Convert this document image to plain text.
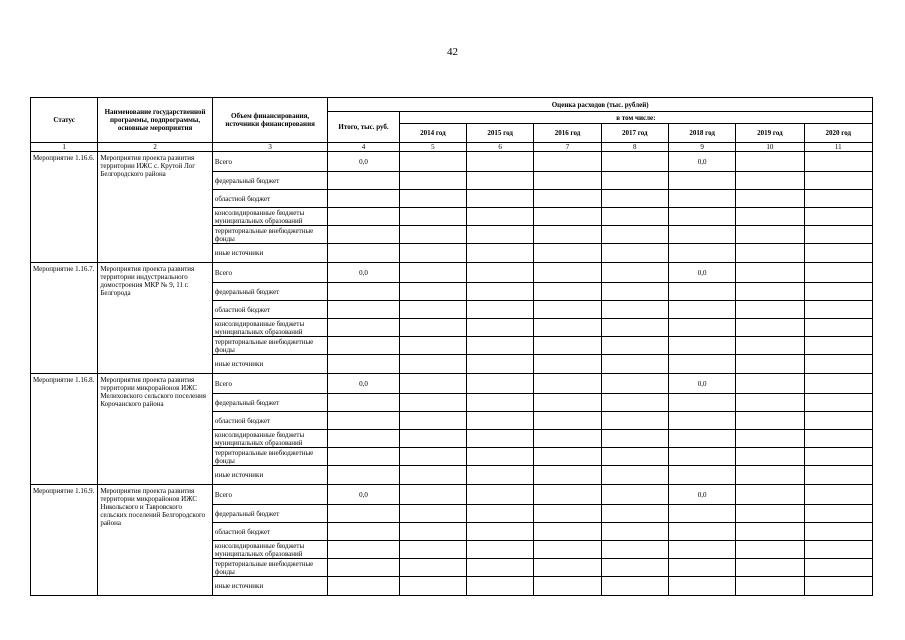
42
Статус	Наименование государственной программы, подпрограммы, основные мероприятия	Объем финансирования, источники финансирования	Оценка расходов (тыс. рублей)							
			Итого, тыс. руб.	в том числе:						
				2014 год	2015 год	2016 год	2017 год	2018 год	2019 год	2020 год
1	2	3	4	5	6	7	8	9	10	11
Мероприятие 1.16.6.	Мероприятия проекта развития территории ИЖС с. Крутой Лог Белгородского района	Всего	0,0					0,0		
		федеральный бюджет								
		областной бюджет								
		консолидированные бюджеты муниципальных образований								
		территориальные внебюджетные фонды								
		иные источники								
Мероприятие 1.16.7.	Мероприятия проекта развития территории индустриального домостроения МКР № 9, 11 г. Белгорода	Всего	0,0					0,0		
		федеральный бюджет								
		областной бюджет								
		консолидированные бюджеты муниципальных образований								
		территориальные внебюджетные фонды								
		иные источники								
Мероприятие 1.16.8.	Мероприятия проекта развития территории микрорайонов ИЖС Мелиховского сельского поселения Корочанского района	Всего	0,0					0,0		
		федеральный бюджет								
		областной бюджет								
		консолидированные бюджеты муниципальных образований								
		территориальные внебюджетные фонды								
		иные источники								
Мероприятие 1.16.9.	Мероприятия проекта развития территории микрорайонов ИЖС Никольского и Тавровского сельских поселений Белгородского района	Всего	0,0					0,0		
		федеральный бюджет								
		областной бюджет								
		консолидированные бюджеты муниципальных образований								
		территориальные внебюджетные фонды								
		иные источники								
